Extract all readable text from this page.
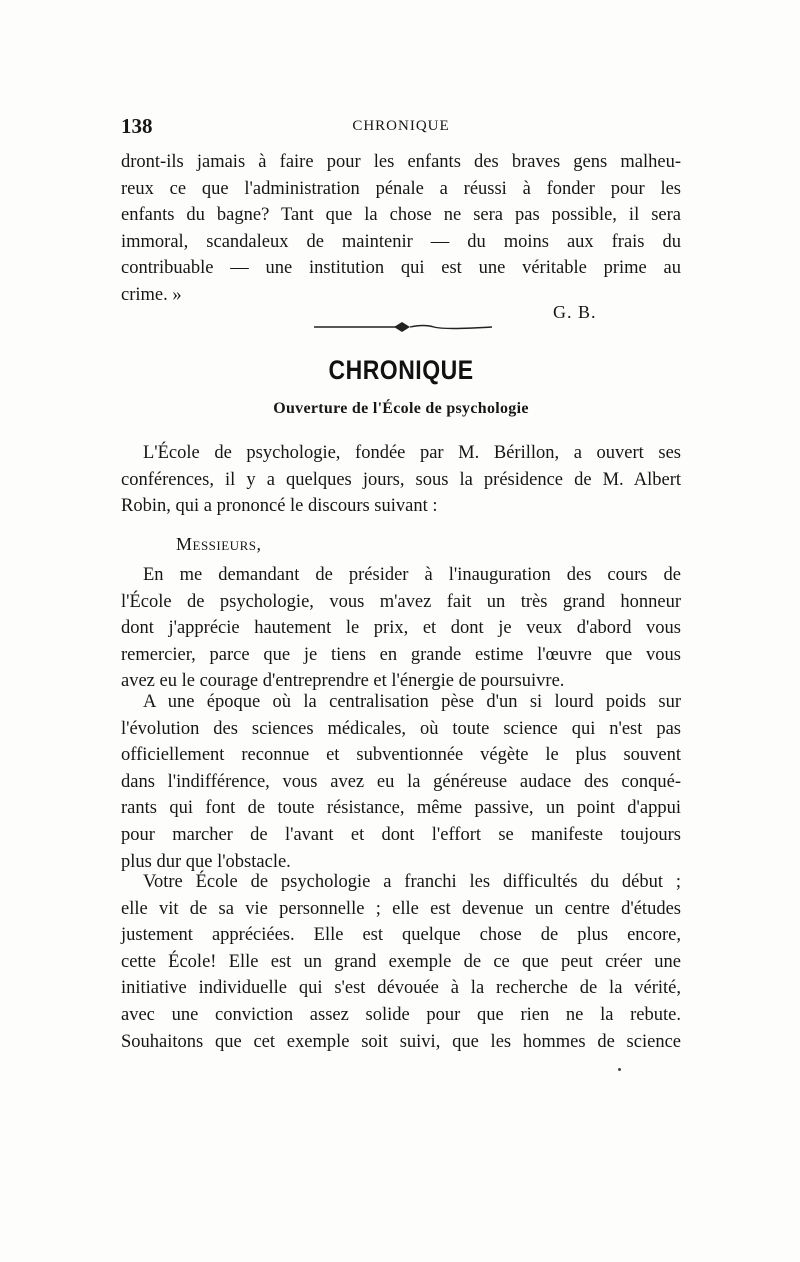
138	CHRONIQUE

dront-ils jamais à faire pour les enfants des braves gens malheu-
reux ce que l'administration pénale a réussi à fonder pour les
enfants du bagne? Tant que la chose ne sera pas possible, il sera
immoral, scandaleux de maintenir — du moins aux frais du
contribuable — une institution qui est une véritable prime au
crime. »

G. B.
CHRONIQUE
Ouverture de l'École de psychologie

L'École de psychologie, fondée par M. Bérillon, a ouvert ses

conférences, il y a quelques jours, sous la présidence de M. Albert
Robin, qui a prononcé le discours suivant :

Messieurs,

En me demandant de présider à l'inauguration des cours de
l'École de psychologie, vous m'avez fait un très grand honneur
dont j'apprécie hautement le prix, et dont je veux d'abord vous
remercier, parce que je tiens en grande estime l'œuvre que vous
avez eu le courage d'entreprendre et l'énergie de poursuivre.

A une époque où la centralisation pèse d'un si lourd poids sur
l'évolution des sciences médicales, où toute science qui n'est pas
officiellement reconnue et subventionnée végète le plus souvent
dans l'indifférence, vous avez eu la généreuse audace des conqué-
rants qui font de toute résistance, même passive, un point d'appui
pour marcher de l'avant et dont l'effort se manifeste toujours
plus dur que l'obstacle.

Votre École de psychologie a franchi les difficultés du début ;
elle vit de sa vie personnelle ; elle est devenue un centre d'études
justement appréciées. Elle est quelque chose de plus encore,
cette École! Elle est un grand exemple de ce que peut créer une
initiative individuelle qui s'est dévouée à la recherche de la vérité,
avec une conviction assez solide pour que rien ne la rebute.
Souhaitons que cet exemple soit suivi, que les hommes de science
